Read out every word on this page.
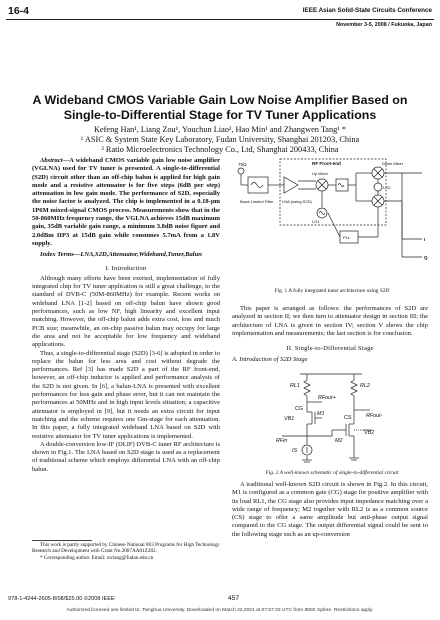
16-4	IEEE Asian Solid-State Circuits Conference
November 3-5, 2008 / Fukuoka, Japan
A Wideband CMOS Variable Gain Low Noise Amplifier Based on
Single-to-Differential Stage for TV Tuner Applications
Kefeng Han¹, Liang Zou¹, Youchun Liao², Hao Min¹ and Zhangwen Tang¹ *
¹ ASIC & System State Key Laboratory, Fudan University, Shanghai 201203, China
² Ratio Microelectronics Technology Co., Ltd, Shanghai 200433, China

Abstract—A wideband CMOS variable gain low noise amplifier (VGLNA) used for TV tuner is presented. A single-to-differential (S2D) circuit other than an off-chip balun is applied for high gain mode and a resistive attenuator is for five steps (6dB per step) attenuation in low gain mode. The performance of S2D, especially the noise factor is analyzed. The chip is implemented in a 0.18-μm 1P6M mixed-signal CMOS process. Measurements show that in the 50-860MHz frequency range, the VGLNA achieves 15dB maximum gain, 35dB variable gain range, a minimum 3.8dB noise figure and 2.0dBm IIP3 at 15dB gain while consumes 5.7mA from a 1.8V supply.

Index Terms—LNA,S2D,Attenuator,Wideband,Tuner,Balun

I. Introduction

Although many efforts have been exerted, implementation of fully integrated chip for TV tuner application is still a great challenge, to the standard of DVB-C (50M-860MHz) for example. Recent works on wideband LNA [1-2] based on off-chip balun have shown good performances, such as low NF, high linearity and excellent input matching. However, the off-chip balun adds extra cost, loss and much PCB size; meanwhile, an on-chip passive balun may occupy for large die area and not be acceptable for low frequency and wideband applications.

Thus, a single-to-differential stage (S2D) [3-6] is adopted in order to replace the balun for less area and cost without degrade the performances. Ref [3] has made S2D a part of the RF front-end, however, an off-chip inductor is applied and performance analysis of the S2D is not given. In [6], a balun-LNA is presented with excellent performances for less gain and phase error, but it can not maintain the performances at 50MHz and in high input levels situation; a capacitive attenuator is employed in [9], but it needs an extra circuit for input matching and the scheme requires one Gm-stage for each attenuation. In this paper, a fully integrated wideband LNA based on S2D with resistive attenuator for TV tuner applications is implemented.

A double-conversion low-IF (DLIF) DVB-C tuner RF architecture is shown in Fig.1. The LNA based on S2D stage is used as a replacement of traditional scheme which employs differential LNA with an off-chip balun.

This work is partly supported by Chinese National 863 Programs for High Technology Research and Development with Grant No.2007AA01Z282.
* Corresponding author. Email: zwtang@fudan.edu.cn
75Ω	RF Front-end
Band-Limited Filter LNA (using S2D)
Up Mixer
Down Mixer
LO1
LO2
PLL	I
Q
Fig. 1 A fully integrated tuner architecture using S2D

This paper is arranged as follows: the performances of S2D are analyzed in section II; we then turn to attenuator design in section III; the architecture of LNA is given in section IV; section V shows the chip implementation and measurements; the last section is for conclusion.

II. Single-to-Differential Stage
A. Introduction of S2D Stage
RL1	RL2
RFout+
RFout-
CG
CS
M1
M2
VB1
VB2
RFin
IS
Fig. 2 A well-known schematic of single-to-differential circuit

A traditional well-known S2D circuit is shown in Fig.2. In this circuit, M1 is configured as a common gate (CG) stage for positive amplifier with its load RL1, the CG stage also provides input impedance matching over a wide range of frequency; M2 together with RL2 is as a common source (CS) stage to offer a same amplitude but anti-phase output signal compared to the CG stage. The output differential signal could be sent to the following stage such as an up-conversion

978-1-4244-2605-8/08/$25.00 ©2008 IEEE	457
Authorized licensed use limited to: Tsinghua University. Downloaded on March 22,2021 at 07:57:33 UTC from IEEE Xplore. Restrictions apply.
